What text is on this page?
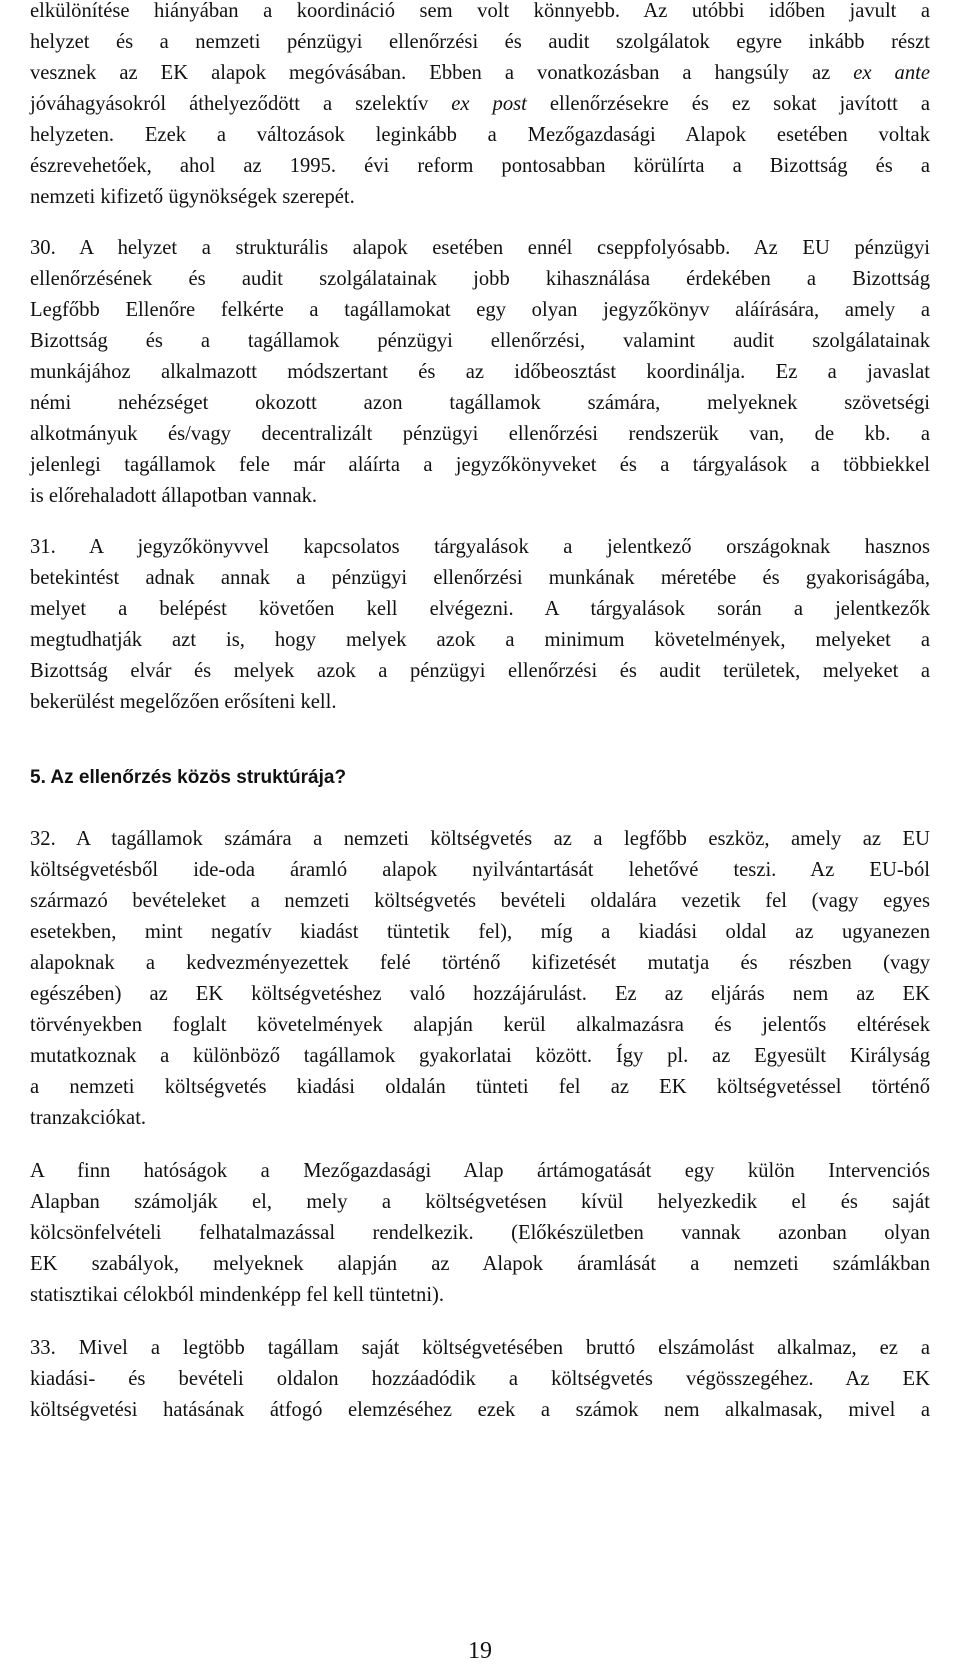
elkülönítése hiányában a koordináció sem volt könnyebb. Az utóbbi időben javult a
helyzet és a nemzeti pénzügyi ellenőrzési és audit szolgálatok egyre inkább részt
vesznek az EK alapok megóvásában. Ebben a vonatkozásban a hangsúly az ex ante
jóváhagyásokról áthelyeződött a szelektív ex post ellenőrzésekre és ez sokat javított a
helyzeten. Ezek a változások leginkább a Mezőgazdasági Alapok esetében voltak
észrevehetőek, ahol az 1995. évi reform pontosabban körülírta a Bizottság és a
nemzeti kifizető ügynökségek szerepét.
30. A helyzet a strukturális alapok esetében ennél cseppfolyósabb. Az EU pénzügyi
ellenőrzésének és audit szolgálatainak jobb kihasználása érdekében a Bizottság
Legfőbb Ellenőre felkérte a tagállamokat egy olyan jegyzőkönyv aláírására, amely a
Bizottság és a tagállamok pénzügyi ellenőrzési, valamint audit szolgálatainak
munkájához alkalmazott módszertant és az időbeosztást koordinálja. Ez a javaslat
némi nehézséget okozott azon tagállamok számára, melyeknek szövetségi
alkotmányuk és/vagy decentralizált pénzügyi ellenőrzési rendszerük van, de kb. a
jelenlegi tagállamok fele már aláírta a jegyzőkönyveket és a tárgyalások a többiekkel
is előrehaladott állapotban vannak.
31. A jegyzőkönyvvel kapcsolatos tárgyalások a jelentkező országoknak hasznos
betekintést adnak annak a pénzügyi ellenőrzési munkának méretébe és gyakoriságába,
melyet a belépést követően kell elvégezni. A tárgyalások során a jelentkezők
megtudhatják azt is, hogy melyek azok a minimum követelmények, melyeket a
Bizottság elvár és melyek azok a pénzügyi ellenőrzési és audit területek, melyeket a
bekerülést megelőzően erősíteni kell.
5. Az ellenőrzés közös struktúrája?
32. A tagállamok számára a nemzeti költségvetés az a legfőbb eszköz, amely az EU
költségvetésből ide-oda áramló alapok nyilvántartását lehetővé teszi. Az EU-ból
származó bevételeket a nemzeti költségvetés bevételi oldalára vezetik fel (vagy egyes
esetekben, mint negatív kiadást tüntetik fel), míg a kiadási oldal az ugyanezen
alapoknak a kedvezményezettek felé történő kifizetését mutatja és részben (vagy
egészében) az EK költségvetéshez való hozzájárulást. Ez az eljárás nem az EK
törvényekben foglalt követelmények alapján kerül alkalmazásra és jelentős eltérések
mutatkoznak a különböző tagállamok gyakorlatai között. Így pl. az Egyesült Királyság
a nemzeti költségvetés kiadási oldalán tünteti fel az EK költségvetéssel történő
tranzakciókat.
A finn hatóságok a Mezőgazdasági Alap ártámogatását egy külön Intervenciós
Alapban számolják el, mely a költségvetésen kívül helyezkedik el és saját
kölcsönfelvételi felhatalmazással rendelkezik. (Előkészületben vannak azonban olyan
EK szabályok, melyeknek alapján az Alapok áramlását a nemzeti számlákban
statisztikai célokból mindenképp fel kell tüntetni).
33. Mivel a legtöbb tagállam saját költségvetésében bruttó elszámolást alkalmaz, ez a
kiadási- és bevételi oldalon hozzáadódik a költségvetés végösszegéhez. Az EK
költségvetési hatásának átfogó elemzéséhez ezek a számok nem alkalmasak, mivel a
19
